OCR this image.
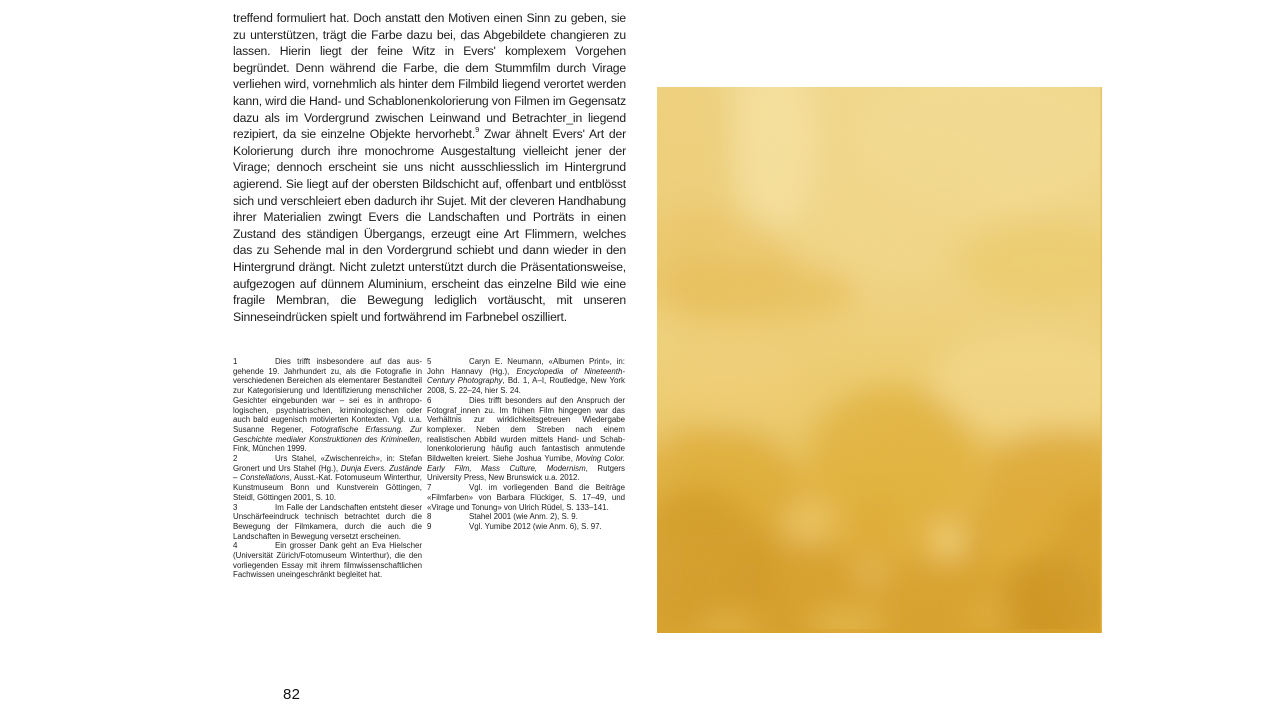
treffend formuliert hat. Doch anstatt den Motiven einen Sinn zu geben, sie zu unterstützen, trägt die Farbe dazu bei, das Abgebildete changieren zu lassen. Hierin liegt der feine Witz in Evers' komplexem Vorgehen begründet. Denn während die Farbe, die dem Stummfilm durch Virage verliehen wird, vornehmlich als hinter dem Filmbild liegend verortet werden kann, wird die Hand- und Schablonenkolorierung von Filmen im Gegensatz dazu als im Vordergrund zwischen Leinwand und Betrachter_in liegend rezipiert, da sie einzelne Objekte hervorhebt.$^9$ Zwar ähnelt Evers' Art der Kolorierung durch ihre monochrome Ausgestaltung vielleicht jener der Virage; dennoch erscheint sie uns nicht ausschliesslich im Hintergrund agierend. Sie liegt auf der obersten Bildschicht auf, offenbart und entblösst sich und verschleiert eben dadurch ihr Sujet. Mit der cleveren Handhabung ihrer Materialien zwingt Evers die Landschaften und Porträts in einen Zustand des ständigen Übergangs, erzeugt eine Art Flimmern, welches das zu Sehende mal in den Vordergrund schiebt und dann wieder in den Hintergrund drängt. Nicht zuletzt unterstützt durch die Präsentationsweise, aufgezogen auf dünnem Aluminium, erscheint das einzelne Bild wie eine fragile Membran, die Bewegung lediglich vortäuscht, mit unseren Sinneseindrücken spielt und fortwährend im Farbnebel oszilliert.

1	Dies trifft insbesondere auf das ausgehende 19. Jahrhundert zu, als die Fotografie in verschiedenen Bereichen als elementarer Bestandteil zur Kategorisierung und Identifizierung menschlicher Gesichter eingebunden war – sei es in anthropologischen, psychiatrischen, kriminologischen oder auch bald eugenisch motivierten Kontexten. Vgl. u.a. Susanne Regener, Fotografische Erfassung. Zur Geschichte medialer Konstruktionen des Kriminellen, Fink, München 1999.

2	Urs Stahel, «Zwischenreich», in: Stefan Gronert und Urs Stahel (Hg.), Dunja Evers. Zustände – Constellations, Ausst.-Kat. Fotomuseum Winterthur, Kunstmuseum Bonn und Kunstverein Göttingen, Steidl, Göttingen 2001, S. 10.

3	Im Falle der Landschaften entsteht dieser Unschärfeeindruck technisch betrachtet durch die Bewegung der Filmkamera, durch die auch die Landschaften in Bewegung versetzt erscheinen.

4	Ein grosser Dank geht an Eva Hielscher (Universität Zürich/Fotomuseum Winterthur), die den vorliegenden Essay mit ihrem filmwissenschaftlichen Fachwissen uneingeschränkt begleitet hat.

5	Caryn E. Neumann, «Albumen Print», in: John Hannavy (Hg.), Encyclopedia of Nineteenth-Century Photography, Bd. 1, A–I, Routledge, New York 2008, S. 22–24, hier S. 24.

6	Dies trifft besonders auf den Anspruch der Fotograf_innen zu. Im frühen Film hingegen war das Verhältnis zur wirklichkeitsgetreuen Wiedergabe komplexer. Neben dem Streben nach einem realistischen Abbild wurden mittels Hand- und Schablonenkolorierung häufig auch fantastisch anmutende Bildwelten kreiert. Siehe Joshua Yumibe, Moving Color. Early Film, Mass Culture, Modernism, Rutgers University Press, New Brunswick u.a. 2012.

7	Vgl. im vorliegenden Band die Beiträge «Filmfarben» von Barbara Flückiger, S. 17–49, und «Virage und Tonung» von Ulrich Rüdel, S. 133–141.

8	Stahel 2001 (wie Anm. 2), S. 9.

9	Vgl. Yumibe 2012 (wie Anm. 6), S. 97.

82
